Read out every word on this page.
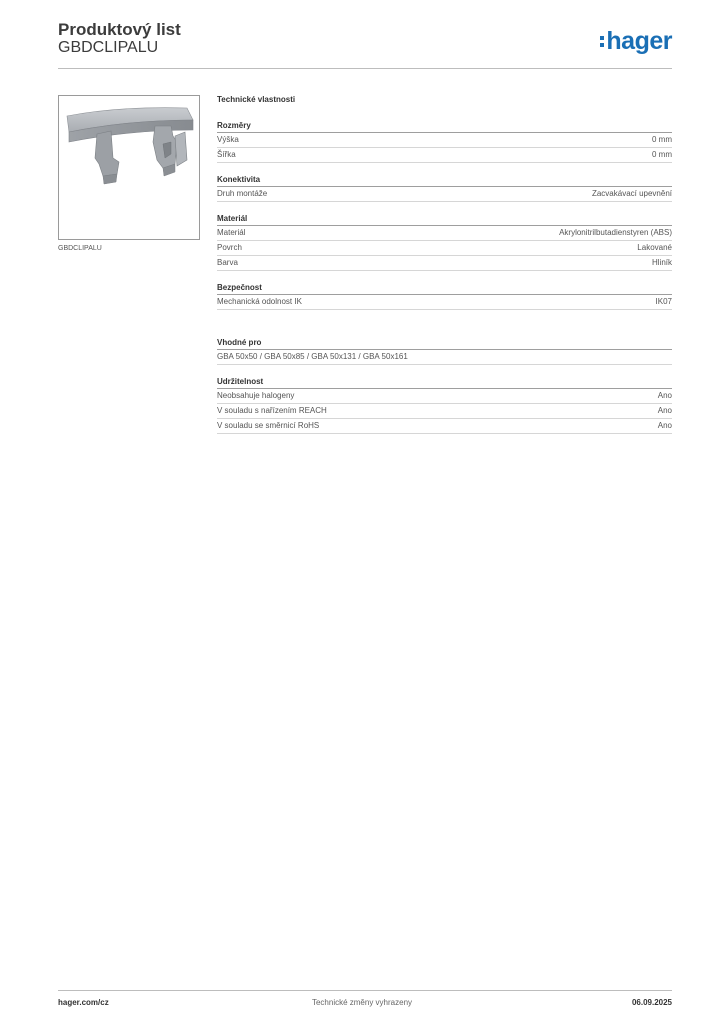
Produktový list
GBDCLIPALU	hager
GBDCLIPALU
Technické vlastnosti
Rozměry
Výška	0 mm
Šířka	0 mm
Konektivita
Druh montáže	Zacvakávací upevnění
Materiál
Materiál	Akrylonitrilbutadienstyren (ABS)
Povrch	Lakované
Barva	Hliník
Bezpečnost
Mechanická odolnost IK	IK07
Vhodné pro
GBA 50x50 / GBA 50x85 / GBA 50x131 / GBA 50x161
Udržitelnost
Neobsahuje halogeny	Ano
V souladu s nařízením REACH	Ano
V souladu se směrnicí RoHS	Ano
hager.com/cz	Technické změny vyhrazeny	06.09.2025
